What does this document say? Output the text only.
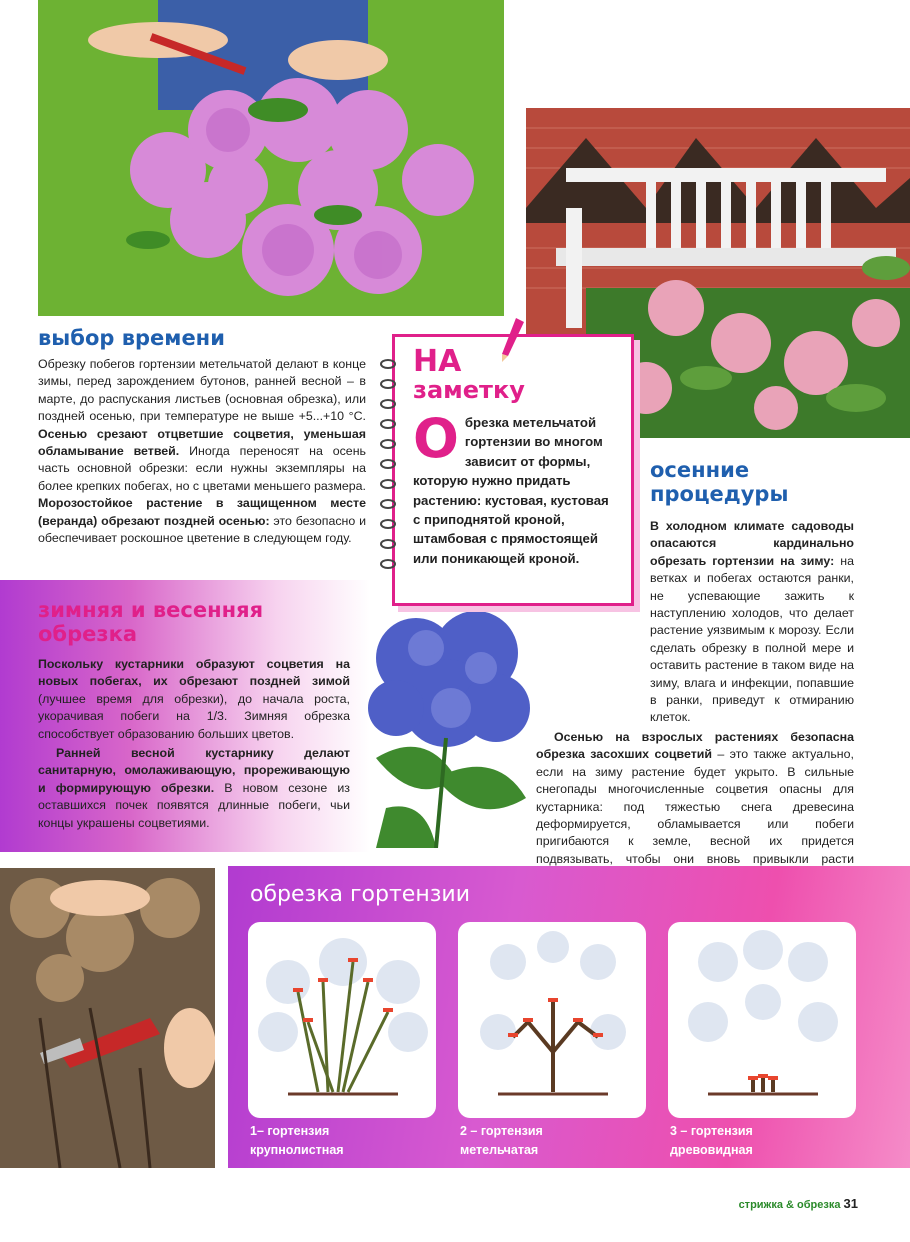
выбор времени

Обрезку побегов гортензии метельчатой делают в конце зимы, перед зарождением бутонов, ранней весной – в марте, до распускания листьев (основная обрезка), или поздней осенью, при температуре не выше +5...+10 °С. Осенью срезают отцветшие соцветия, уменьшая обламывание ветвей. Иногда переносят на осень часть основной обрезки: если нужны экземпляры на более крепких побегах, но с цветами меньшего размера. Морозостойкое растение в защищенном месте (веранда) обрезают поздней осенью: это безопасно и обеспечивает роскошное цветение в следующем году.

зимняя и весенняя
обрезка

Поскольку кустарники образуют соцветия на новых побегах, их обрезают поздней зимой (лучшее время для обрезки), до начала роста, укорачивая побеги на 1/3. Зимняя обрезка способствует образованию больших цветов.

Ранней весной кустарнику делают санитарную, омолаживающую, прореживающую и формирующую обрезки. В новом сезоне из оставшихся почек появятся длинные побеги, чьи концы украшены соцветиями.

НА
заметку
О брезка метельчатой гортензии во многом зависит от формы, которую нужно придать растению: кустовая, кустовая с приподнятой кроной, штамбовая с прямостоящей или поникающей кроной.
осенние
процедуры

В холодном климате садоводы опасаются кардинально обрезать гортензии на зиму: на ветках и побегах остаются ранки, не успевающие зажить к наступлению холодов, что делает растение уязвимым к морозу. Если сделать обрезку в полной мере и оставить растение в таком виде на зиму, влага и инфекции, попавшие в ранки, приведут к отмиранию клеток.

Осенью на взрослых растениях безопасна обрезка засохших соцветий – это также актуально, если на зиму растение будет укрыто. В сильные снегопады многочисленные соцветия опасны для кустарника: под тяжестью снега древесина деформируется, обламывается или побеги пригибаются к земле, весной их придется подвязывать, чтобы они вновь привыкли расти

обрезка гортензии
1– гортензия
крупнолистная
2 – гортензия
метельчатая
3 – гортензия
древовидная
стрижка & обрезка 31
